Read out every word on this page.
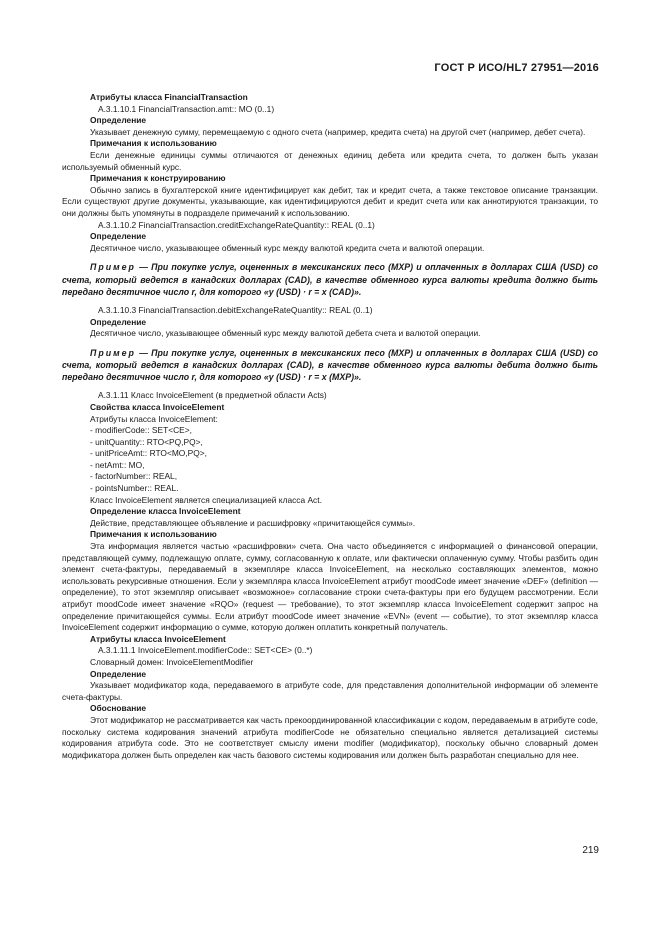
ГОСТ Р ИСО/HL7 27951—2016

Атрибуты класса FinancialTransaction

А.3.1.10.1 FinancialTransaction.amt:: MO (0..1)

Определение

Указывает денежную сумму, перемещаемую с одного счета (например, кредита счета) на другой счет (например, дебет счета).

Примечания к использованию

Если денежные единицы суммы отличаются от денежных единиц дебета или кредита счета, то должен быть указан используемый обменный курс.

Примечания к конструированию

Обычно запись в бухгалтерской книге идентифицирует как дебит, так и кредит счета, а также текстовое описание транзакции. Если существуют другие документы, указывающие, как идентифицируются дебит и кредит счета или как аннотируются транзакции, то они должны быть упомянуты в подразделе примечаний к использованию.

А.3.1.10.2 FinancialTransaction.creditExchangeRateQuantity:: REAL (0..1)

Определение

Десятичное число, указывающее обменный курс между валютой кредита счета и валютой операции.

Пример — При покупке услуг, оцененных в мексиканских песо (MXP) и оплаченных в долларах США (USD) со счета, который ведется в канадских долларах (CAD), в качестве обменного курса валюты кредита должно быть передано десятичное число r, для которого «y (USD) · r = x (CAD)».

А.3.1.10.3 FinancialTransaction.debitExchangeRateQuantity:: REAL (0..1)

Определение

Десятичное число, указывающее обменный курс между валютой дебета счета и валютой операции.

Пример — При покупке услуг, оцененных в мексиканских песо (MXP) и оплаченных в долларах США (USD) со счета, который ведется в канадских долларах (CAD), в качестве обменного курса валюты дебита должно быть передано десятичное число r, для которого «y (USD) · r = x (MXP)».

А.3.1.11 Класс InvoiceElement (в предметной области Acts)

Свойства класса InvoiceElement

Атрибуты класса InvoiceElement:

- modifierCode:: SET<CE>,
- unitQuantity:: RTO<PQ,PQ>,
- unitPriceAmt:: RTO<MO,PQ>,
- netAmt:: MO,
- factorNumber:: REAL,
- pointsNumber:: REAL.

Класс InvoiceElement является специализацией класса Act.

Определение класса InvoiceElement

Действие, представляющее объявление и расшифровку «причитающейся суммы».

Примечания к использованию

Эта информация является частью «расшифровки» счета. Она часто объединяется с информацией о финансовой операции, представляющей сумму, подлежащую оплате, сумму, согласованную к оплате, или фактически оплаченную сумму. Чтобы разбить один элемент счета-фактуры, передаваемый в экземпляре класса InvoiceElement, на несколько составляющих элементов, можно использовать рекурсивные отношения. Если у экземпляра класса InvoiceElement атрибут moodCode имеет значение «DEF» (definition — определение), то этот экземпляр описывает «возможное» согласование строки счета-фактуры при его будущем рассмотрении. Если атрибут moodCode имеет значение «RQO» (request — требование), то этот экземпляр класса InvoiceElement содержит запрос на определение причитающейся суммы. Если атрибут moodCode имеет значение «EVN» (event — событие), то этот экземпляр класса InvoiceElement содержит информацию о сумме, которую должен оплатить конкретный получатель.

Атрибуты класса InvoiceElement

А.3.1.11.1 InvoiceElement.modifierCode:: SET<CE> (0..*)

Словарный домен: InvoiceElementModifier

Определение

Указывает модификатор кода, передаваемого в атрибуте code, для представления дополнительной информации об элементе счета-фактуры.

Обоснование

Этот модификатор не рассматривается как часть прекоординированной классификации с кодом, передаваемым в атрибуте code, поскольку система кодирования значений атрибута modifierCode не обязательно специально является детализацией системы кодирования атрибута code. Это не соответствует смыслу имени modifier (модификатор), поскольку обычно словарный домен модификатора должен быть определен как часть базового системы кодирования или должен быть разработан специально для нее.

219
